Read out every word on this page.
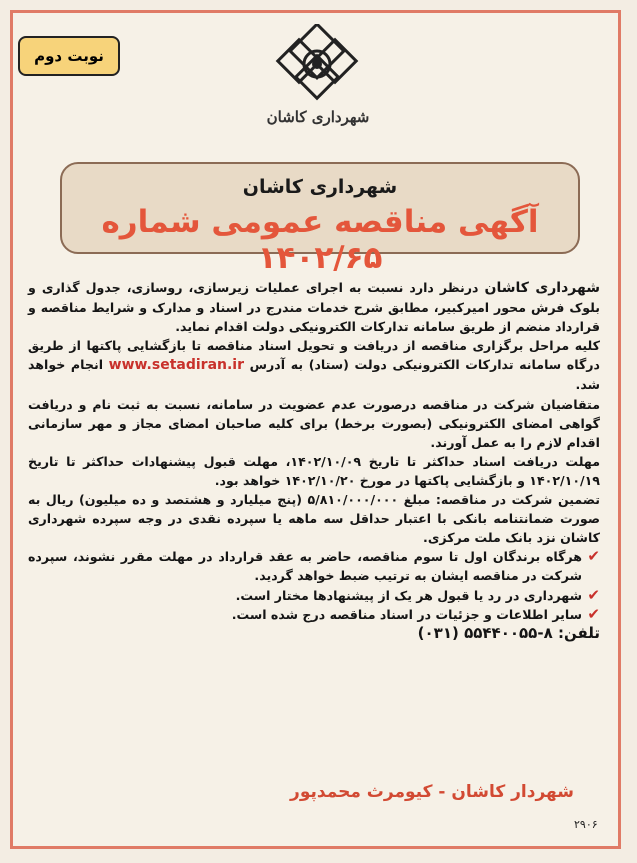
نوبت دوم
شهرداری کاشان
شهرداری کاشان
آگهی مناقصه عمومی شماره ۱۴۰۲/۶۵

شهرداری کاشان درنظر دارد نسبت به اجرای عملیات زیرسازی، روسازی، جدول گذاری و بلوک فرش محور امیرکبیر، مطابق شرح خدمات مندرج در اسناد و مدارک و شرایط مناقصه و قرارداد منضم از طریق سامانه تدارکات الکترونیکی دولت اقدام نماید.

کلیه مراحل برگزاری مناقصه از دریافت و تحویل اسناد مناقصه تا بازگشایی پاکتها از طریق درگاه سامانه تدارکات الکترونیکی دولت (ستاد) به آدرس www.setadiran.ir انجام خواهد شد.

متقاضیان شرکت در مناقصه درصورت عدم عضویت در سامانه، نسبت به ثبت نام و دریافت گواهی امضای الکترونیکی (بصورت برخط) برای کلیه صاحبان امضای مجاز و مهر سازمانی اقدام لازم را به عمل آورند.

مهلت دریافت اسناد حداکثر تا تاریخ ۱۴۰۲/۱۰/۰۹، مهلت قبول پیشنهادات حداکثر تا تاریخ ۱۴۰۲/۱۰/۱۹ و بازگشایی پاکتها در مورخ ۱۴۰۲/۱۰/۲۰ خواهد بود.

تضمین شرکت در مناقصه: مبلغ ۵/۸۱۰/۰۰۰/۰۰۰ (پنج میلیارد و هشتصد و ده میلیون) ریال به صورت ضمانتنامه بانکی با اعتبار حداقل سه ماهه یا سپرده نقدی در وجه سپرده شهرداری کاشان نزد بانک ملت مرکزی.

✔
هرگاه برندگان اول تا سوم مناقصه، حاضر به عقد قرارداد در مهلت مقرر نشوند، سپرده شرکت در مناقصه ایشان به ترتیب ضبط خواهد گردید.
✔
شهرداری در رد یا قبول هر یک از پیشنهادها مختار است.
✔
سایر اطلاعات و جزئیات در اسناد مناقصه درج شده است.

تلفن: ۸-۵۵۴۴۰۰۵۵ (۰۳۱)

شهردار کاشان - کیومرث محمدپور
۲۹۰۶
